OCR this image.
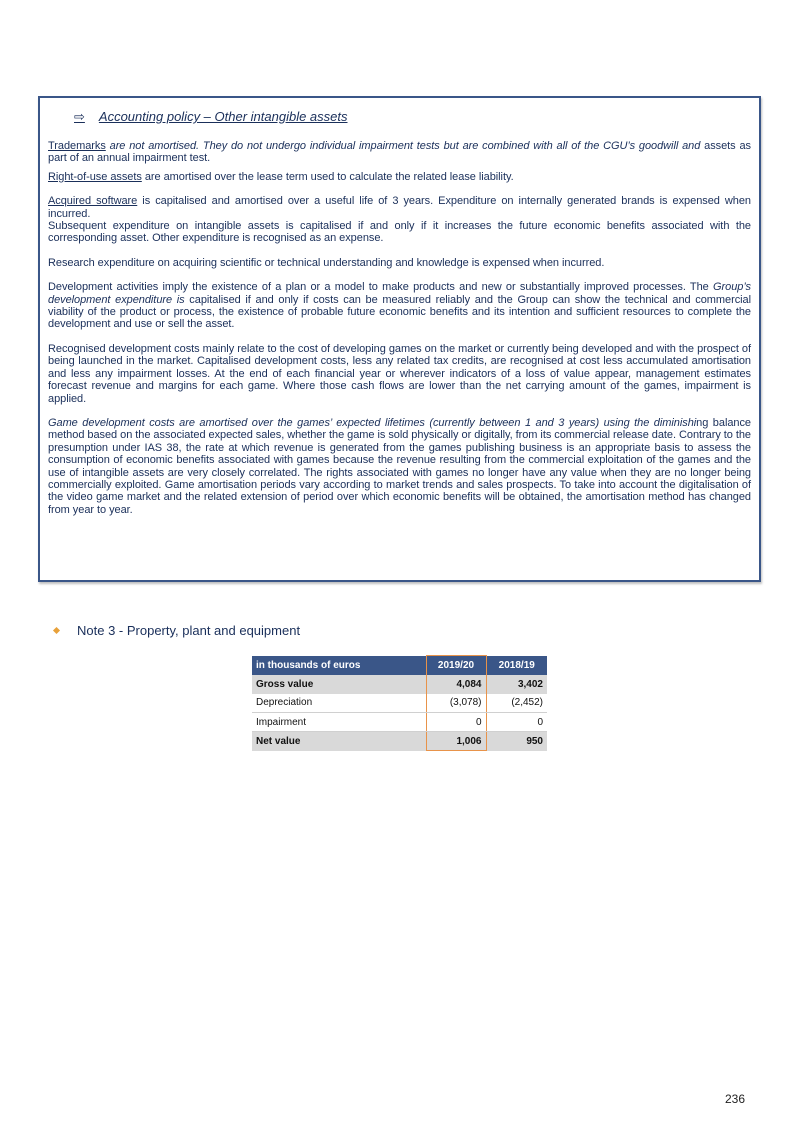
⇨ Accounting policy – Other intangible assets

Trademarks are not amortised. They do not undergo individual impairment tests but are combined with all of the CGU’s goodwill and assets as part of an annual impairment test.

Right-of-use assets are amortised over the lease term used to calculate the related lease liability.

Acquired software is capitalised and amortised over a useful life of 3 years. Expenditure on internally generated brands is expensed when incurred.

Subsequent expenditure on intangible assets is capitalised if and only if it increases the future economic benefits associated with the corresponding asset. Other expenditure is recognised as an expense.

Research expenditure on acquiring scientific or technical understanding and knowledge is expensed when incurred.

Development activities imply the existence of a plan or a model to make products and new or substantially improved processes. The Group’s development expenditure is capitalised if and only if costs can be measured reliably and the Group can show the technical and commercial viability of the product or process, the existence of probable future economic benefits and its intention and sufficient resources to complete the development and use or sell the asset.

Recognised development costs mainly relate to the cost of developing games on the market or currently being developed and with the prospect of being launched in the market. Capitalised development costs, less any related tax credits, are recognised at cost less accumulated amortisation and less any impairment losses. At the end of each financial year or wherever indicators of a loss of value appear, management estimates forecast revenue and margins for each game. Where those cash flows are lower than the net carrying amount of the games, impairment is applied.

Game development costs are amortised over the games’ expected lifetimes (currently between 1 and 3 years) using the diminishing balance method based on the associated expected sales, whether the game is sold physically or digitally, from its commercial release date. Contrary to the presumption under IAS 38, the rate at which revenue is generated from the games publishing business is an appropriate basis to assess the consumption of economic benefits associated with games because the revenue resulting from the commercial exploitation of the games and the use of intangible assets are very closely correlated. The rights associated with games no longer have any value when they are no longer being commercially exploited. Game amortisation periods vary according to market trends and sales prospects. To take into account the digitalisation of the video game market and the related extension of period over which economic benefits will be obtained, the amortisation method has changed from year to year.

Note 3 - Property, plant and equipment
in thousands of euros	2019/20	2018/19
Gross value	4,084	3,402
Depreciation	(3,078)	(2,452)
Impairment	0	0
Net value	1,006	950
236
